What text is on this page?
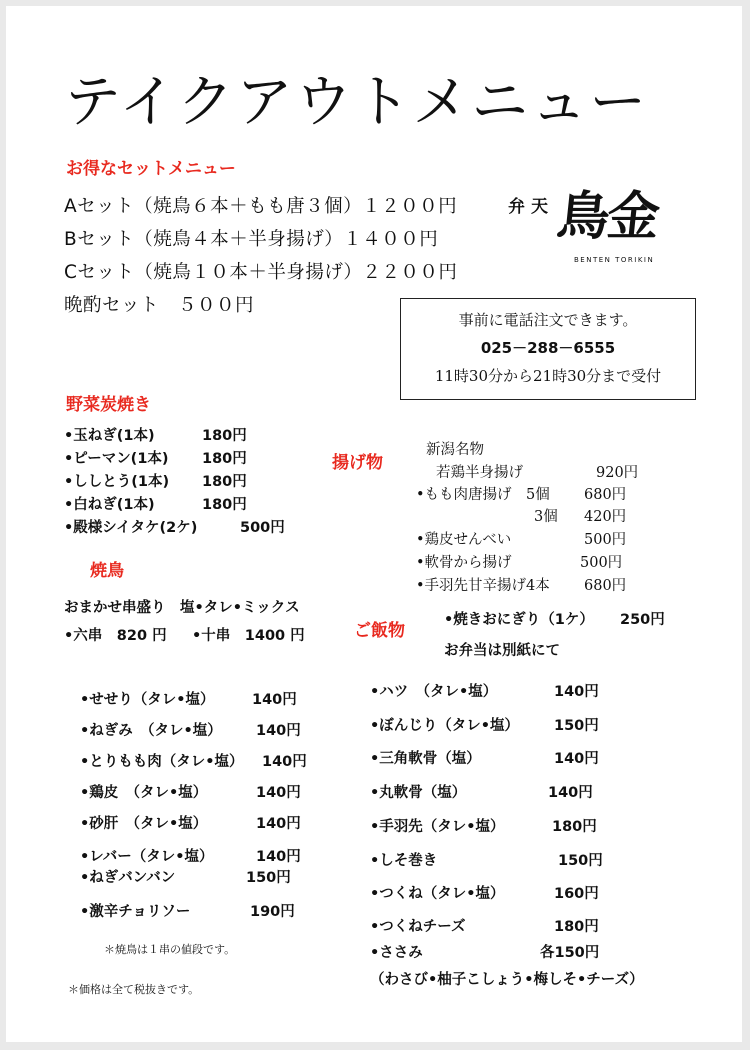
テイクアウトメニュー
お得なセットメニュー
Aセット（焼鳥６本＋もも唐３個）１２００円
Bセット（焼鳥４本＋半身揚げ）１４００円
Cセット（焼鳥１０本＋半身揚げ）２２００円
晩酌セット　５００円
弁天 鳥金
BENTEN TORIKIN
事前に電話注文できます。
025－288－6555
11時30分から21時30分まで受付
野菜炭焼き
•玉ねぎ(1本)	180円
•ピーマン(1本) 180円
•ししとう(1本) 180円
•白ねぎ(1本)	180円
•殿様シイタケ(2ケ)	500円
揚げ物
新潟名物
若鶏半身揚げ	920円
•もも肉唐揚げ　5個 680円
3個 420円
•鶏皮せんべい	500円
•軟骨から揚げ	500円
•手羽先甘辛揚げ4本 680円
焼鳥
おまかせ串盛り　塩•タレ•ミックス
•六串　820 円 •十串　1400 円	ご飯物
•焼きおにぎり（1ケ） 250円
お弁当は別紙にて
•せせり（タレ•塩）	140円
•ねぎみ　（タレ•塩） 140円
•とりもも肉（タレ•塩） 140円
•鶏皮　（タレ•塩）	140円
•砂肝　（タレ•塩）	140円
•レバー（タレ•塩）	140円
•ねぎバンバン	150円
•激辛チョリソー	190円
•ハツ　（タレ•塩）	140円
•ぼんじり（タレ•塩） 150円
•三角軟骨（塩）	140円
•丸軟骨（塩）	140円
•手羽先（タレ•塩）	180円
•しそ巻き	150円
•つくね（タレ•塩）	160円
•つくねチーズ	180円
•ささみ	各150円
（わさび•柚子こしょう•梅しそ•チーズ）
＊焼鳥は１串の値段です。
＊価格は全て税抜きです。
